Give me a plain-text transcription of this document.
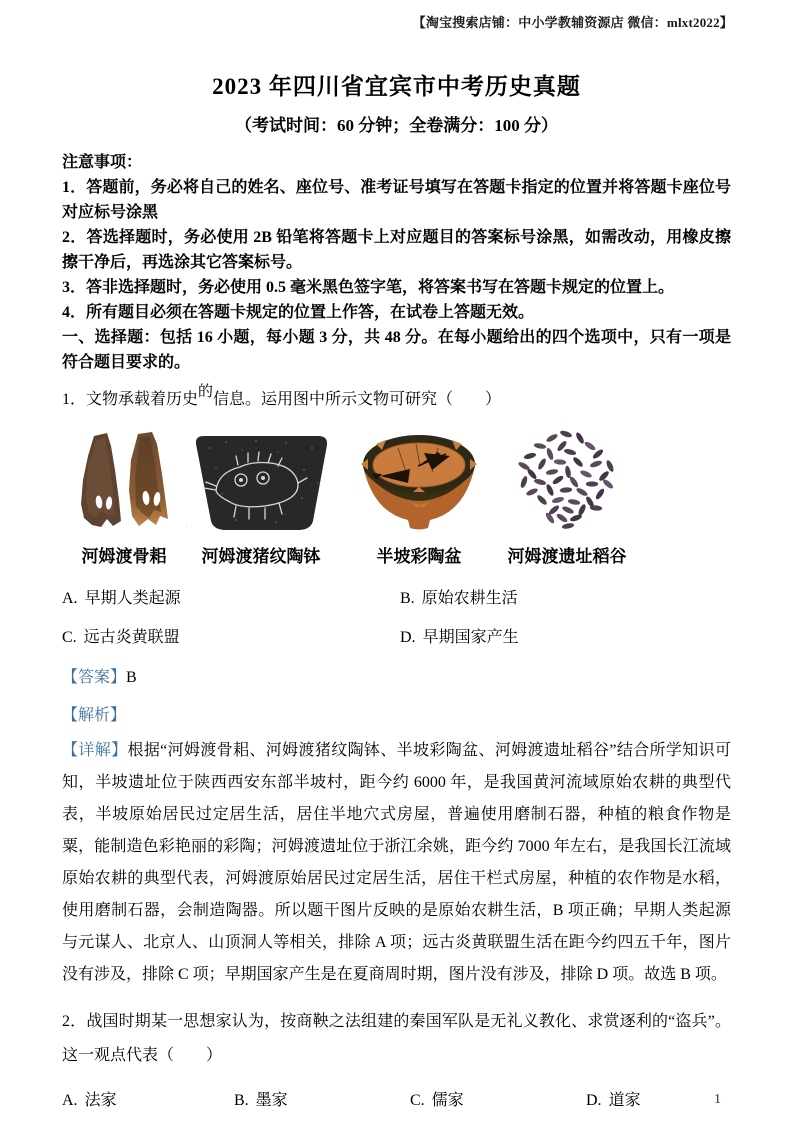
【淘宝搜索店铺：中小学教辅资源店 微信：mlxt2022】
2023 年四川省宜宾市中考历史真题
（考试时间：60 分钟；全卷满分：100 分）
注意事项：
1．答题前，务必将自己的姓名、座位号、准考证号填写在答题卡指定的位置并将答题卡座位号对应标号涂黑
2．答选择题时，务必使用 2B 铅笔将答题卡上对应题目的答案标号涂黑，如需改动，用橡皮擦擦干净后，再选涂其它答案标号。
3．答非选择题时，务必使用 0.5 毫米黑色签字笔，将答案书写在答题卡规定的位置上。
4．所有题目必须在答题卡规定的位置上作答，在试卷上答题无效。
一、选择题：包括 16 小题，每小题 3 分，共 48 分。在每小题给出的四个选项中，只有一项是符合题目要求的。
1．文物承载着历史的信息。运用图中所示文物可研究（　　）
河姆渡骨耜 河姆渡猪纹陶钵	半坡彩陶盆	河姆渡遗址稻谷
A. 早期人类起源	B. 原始农耕生活
C. 远古炎黄联盟	D. 早期国家产生
【答案】B
【解析】
【详解】根据“河姆渡骨耜、河姆渡猪纹陶钵、半坡彩陶盆、河姆渡遗址稻谷”结合所学知识可知，半坡遗址位于陕西西安东部半坡村，距今约 6000 年，是我国黄河流域原始农耕的典型代表，半坡原始居民过定居生活，居住半地穴式房屋，普遍使用磨制石器，种植的粮食作物是粟，能制造色彩艳丽的彩陶；河姆渡遗址位于浙江余姚，距今约 7000 年左右，是我国长江流域原始农耕的典型代表，河姆渡原始居民过定居生活，居住干栏式房屋，种植的农作物是水稻，使用磨制石器，会制造陶器。所以题干图片反映的是原始农耕生活，B 项正确；早期人类起源与元谋人、北京人、山顶洞人等相关，排除 A 项；远古炎黄联盟生活在距今约四五千年，图片没有涉及，排除 C 项；早期国家产生是在夏商周时期，图片没有涉及，排除 D 项。故选 B 项。
2．战国时期某一思想家认为，按商鞅之法组建的秦国军队是无礼义教化、求赏逐利的“盗兵”。这一观点代表（　　）
A. 法家	B. 墨家	C. 儒家	D. 道家	1
